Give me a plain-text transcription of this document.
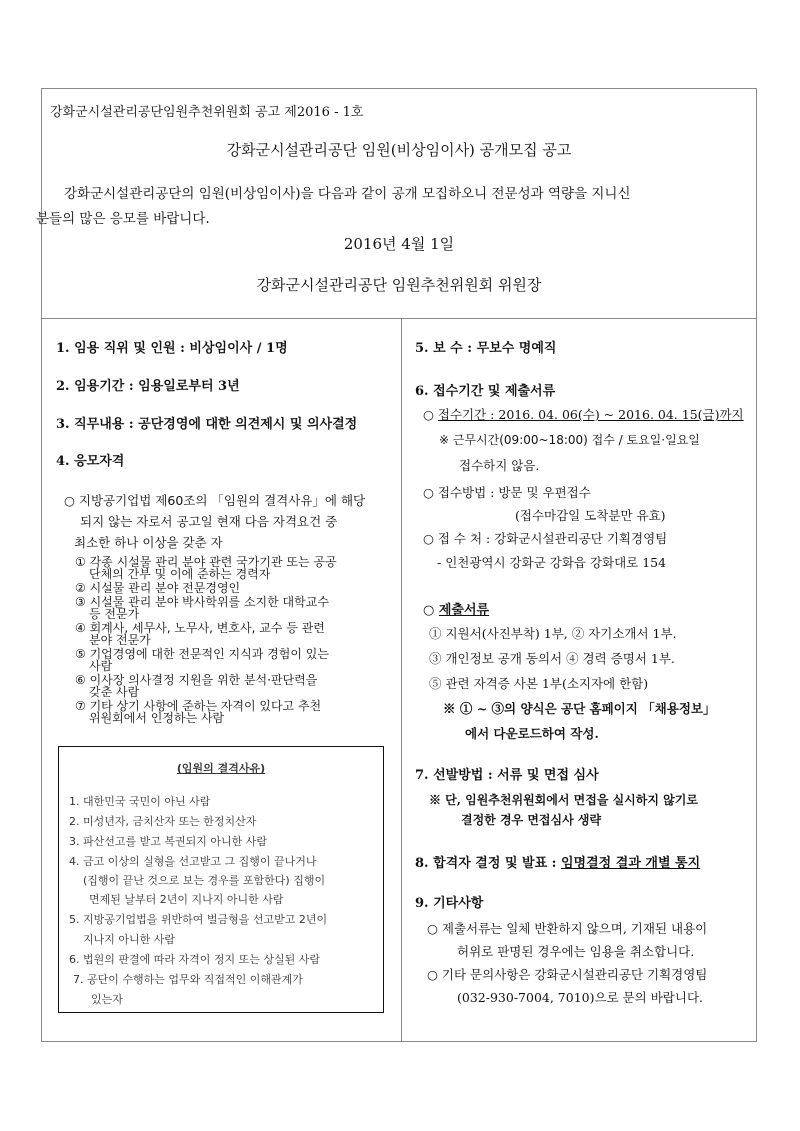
강화군시설관리공단임원추천위원회 공고 제2016 - 1호
강화군시설관리공단 임원(비상임이사) 공개모집 공고
강화군시설관리공단의 임원(비상임이사)을 다음과 같이 공개 모집하오니 전문성과 역량을 지니신
분들의 많은 응모를 바랍니다.
2016년 4월 1일
강화군시설관리공단 임원추천위원회 위원장
1. 임용 직위 및 인원 : 비상임이사 / 1명
2. 임용기간 : 임용일로부터 3년
3. 직무내용 : 공단경영에 대한 의견제시 및 의사결정
4. 응모자격
○ 지방공기업법 제60조의 「임원의 결격사유」에 해당
되지 않는 자로서 공고일 현재 다음 자격요건 중
최소한 하나 이상을 갖춘 자
① 각종 시설물 관리 분야 관련 국가기관 또는 공공
단체의 간부 및 이에 준하는 경력자
② 시설물 관리 분야 전문경영인
③ 시설물 관리 분야 박사학위를 소지한 대학교수
등 전문가
④ 회계사, 세무사, 노무사, 변호사, 교수 등 관련
분야 전문가
⑤ 기업경영에 대한 전문적인 지식과 경험이 있는
사람
⑥ 이사장 의사결정 지원을 위한 분석·판단력을
갖춘 사람
⑦ 기타 상기 사항에 준하는 자격이 있다고 추천
위원회에서 인정하는 사람
(임원의 결격사유)
1. 대한민국 국민이 아닌 사람
2. 미성년자, 금치산자 또는 한정치산자
3. 파산선고를 받고 복권되지 아니한 사람
4. 금고 이상의 실형을 선고받고 그 집행이 끝나거나
(집행이 끝난 것으로 보는 경우를 포함한다) 집행이
면제된 날부터 2년이 지나지 아니한 사람
5. 지방공기업법을 위반하여 벌금형을 선고받고 2년이
지나지 아니한 사람
6. 법원의 판결에 따라 자격이 정지 또는 상실된 사람
7. 공단이 수행하는 업무와 직접적인 이해관계가
있는자
5. 보 수 : 무보수 명예직
6. 접수기간 및 제출서류
○ 접수기간 : 2016. 04. 06(수) ~ 2016. 04. 15(금)까지
※ 근무시간(09:00~18:00) 접수 / 토요일·일요일
접수하지 않음.
○ 접수방법 : 방문 및 우편접수
(접수마감일 도착분만 유효)
○ 접 수 처 : 강화군시설관리공단 기획경영팀
- 인천광역시 강화군 강화읍 강화대로 154
○ 제출서류
① 지원서(사진부착) 1부, ② 자기소개서 1부.
③ 개인정보 공개 동의서 ④ 경력 증명서 1부.
⑤ 관련 자격증 사본 1부(소지자에 한함)
※ ① ~ ③의 양식은 공단 홈페이지 「채용정보」
에서 다운로드하여 작성.
7. 선발방법 : 서류 및 면접 심사
※ 단, 임원추천위원회에서 면접을 실시하지 않기로
결정한 경우 면접심사 생략
8. 합격자 결정 및 발표 : 임명결정 결과 개별 통지
9. 기타사항
○ 제출서류는 일체 반환하지 않으며, 기재된 내용이
허위로 판명된 경우에는 임용을 취소합니다.
○ 기타 문의사항은 강화군시설관리공단 기획경영팀
(032-930-7004, 7010)으로 문의 바랍니다.
